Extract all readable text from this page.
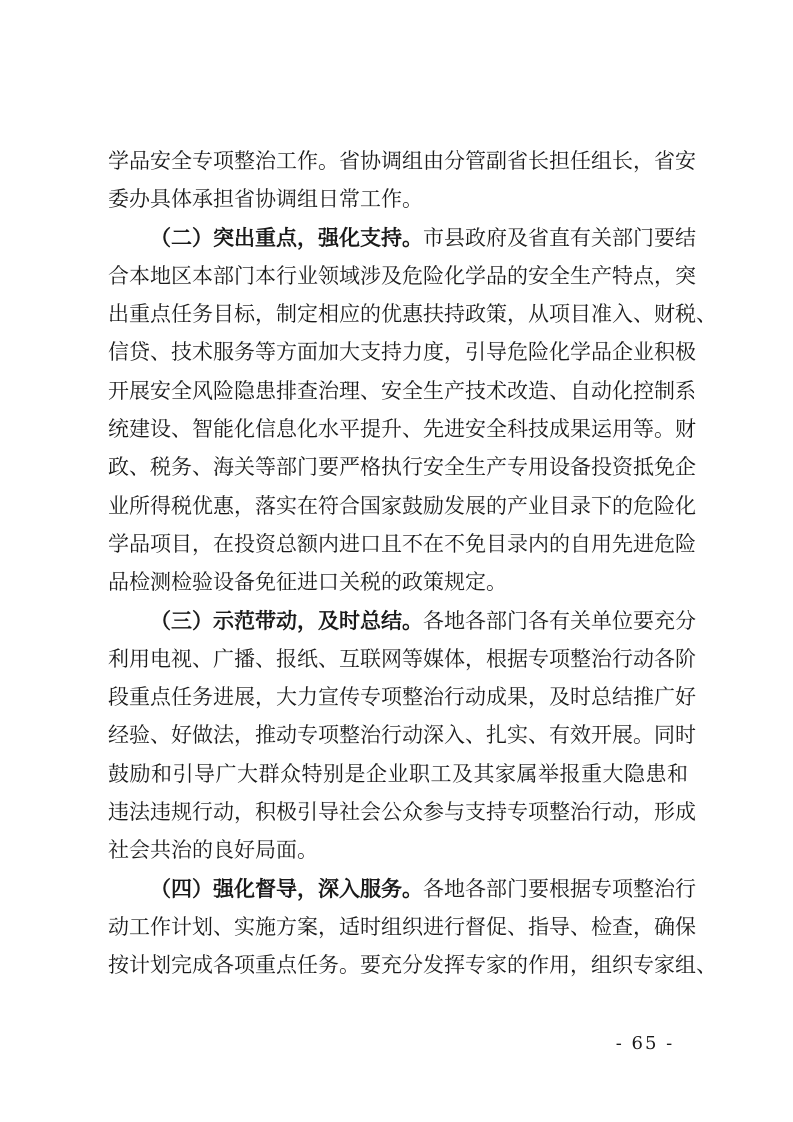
学品安全专项整治工作。省协调组由分管副省长担任组长，省安
委办具体承担省协调组日常工作。
（二）突出重点，强化支持。市县政府及省直有关部门要结
合本地区本部门本行业领域涉及危险化学品的安全生产特点，突
出重点任务目标，制定相应的优惠扶持政策，从项目准入、财税、
信贷、技术服务等方面加大支持力度，引导危险化学品企业积极
开展安全风险隐患排查治理、安全生产技术改造、自动化控制系
统建设、智能化信息化水平提升、先进安全科技成果运用等。财
政、税务、海关等部门要严格执行安全生产专用设备投资抵免企
业所得税优惠，落实在符合国家鼓励发展的产业目录下的危险化
学品项目，在投资总额内进口且不在不免目录内的自用先进危险
品检测检验设备免征进口关税的政策规定。
（三）示范带动，及时总结。各地各部门各有关单位要充分
利用电视、广播、报纸、互联网等媒体，根据专项整治行动各阶
段重点任务进展，大力宣传专项整治行动成果，及时总结推广好
经验、好做法，推动专项整治行动深入、扎实、有效开展。同时
鼓励和引导广大群众特别是企业职工及其家属举报重大隐患和
违法违规行动，积极引导社会公众参与支持专项整治行动，形成
社会共治的良好局面。
（四）强化督导，深入服务。各地各部门要根据专项整治行
动工作计划、实施方案，适时组织进行督促、指导、检查，确保
按计划完成各项重点任务。要充分发挥专家的作用，组织专家组、
- 65 -
